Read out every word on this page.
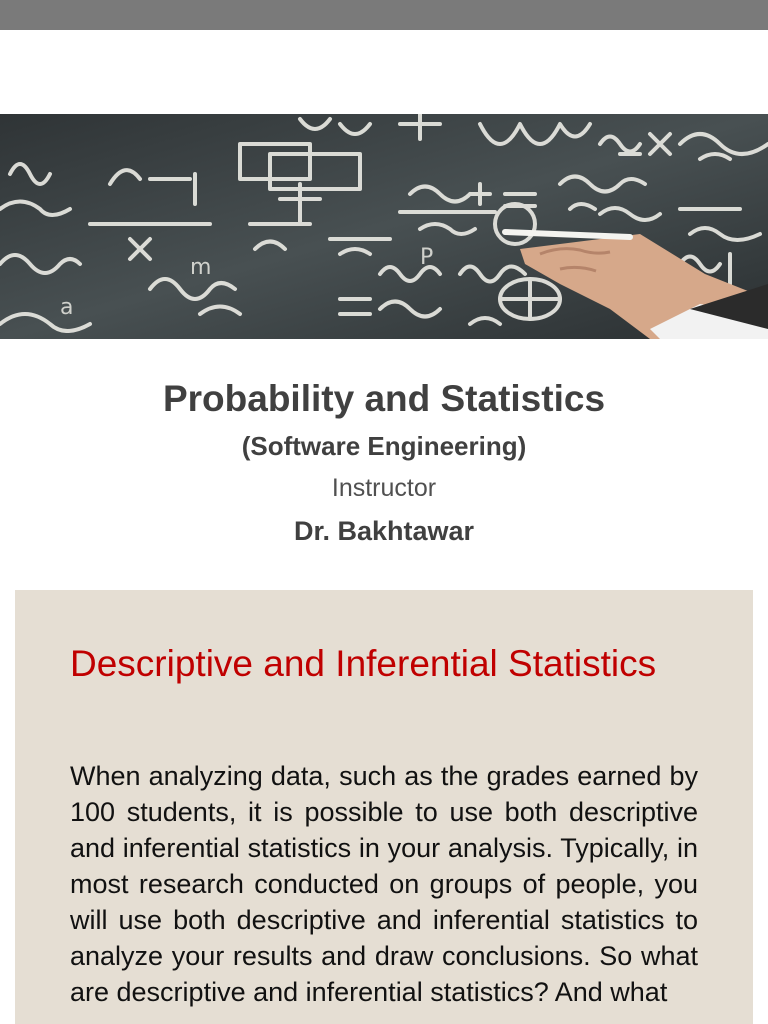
a
m	P
Probability and Statistics

(Software Engineering)

Instructor

Dr. Bakhtawar

Descriptive and Inferential Statistics

When analyzing data, such as the grades earned by 100 students, it is possible to use both descriptive and inferential statistics in your analysis. Typically, in most research conducted on groups of people, you will use both descriptive and inferential statistics to analyze your results and draw conclusions. So what are descriptive and inferential statistics? And what
